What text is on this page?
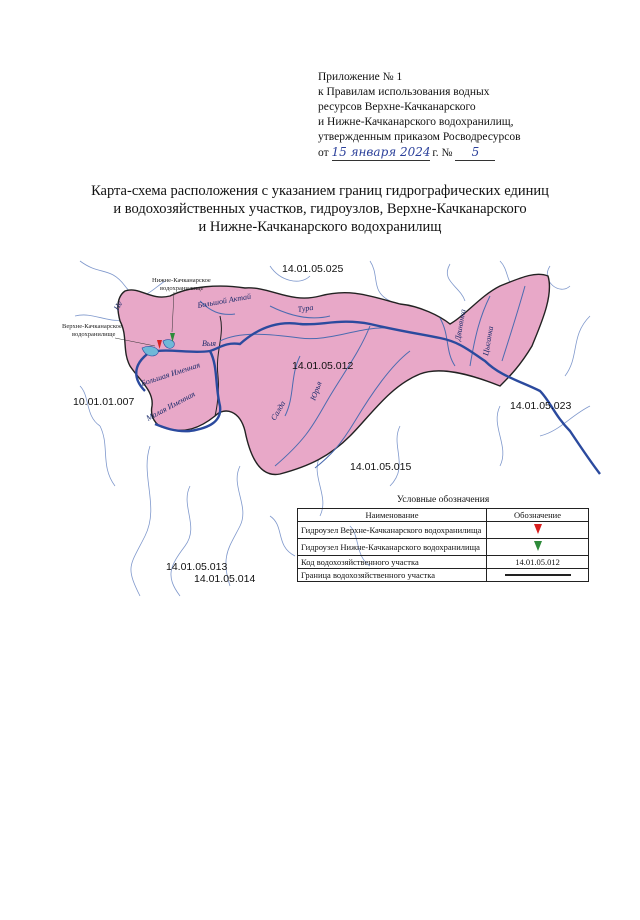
Приложение № 1
к Правилам использования водных
ресурсов Верхне-Качканарского
и Нижне-Качканарского водохранилищ,
утвержденным приказом Росводресурсов
от 15 января 2024 г. № 5
Карта-схема расположения с указанием границ гидрографических единиц
и водохозяйственных участков, гидроузлов, Верхне-Качканарского
и Нижне-Качканарского водохранилищ
Нижне-Качканарское
водохранилище
Верхне-Качканарское
водохранилище
Тура
Выя
Большая Именная
Малая Именная
Большой Актай
Салда
Юрья
Двинянка Цыганка
Не
14.01.05.025
14.01.05.012
10.01.01.007	14.01.05.023
14.01.05.015
14.01.05.013
14.01.05.014
Условные обозначения
Наименование	Обозначение
Гидроузел Верхне-Качканарского водохранилища	
Гидроузел Нижне-Качканарского водохранилища	
Код водохозяйственного участка	14.01.05.012
Граница водохозяйственного участка	
